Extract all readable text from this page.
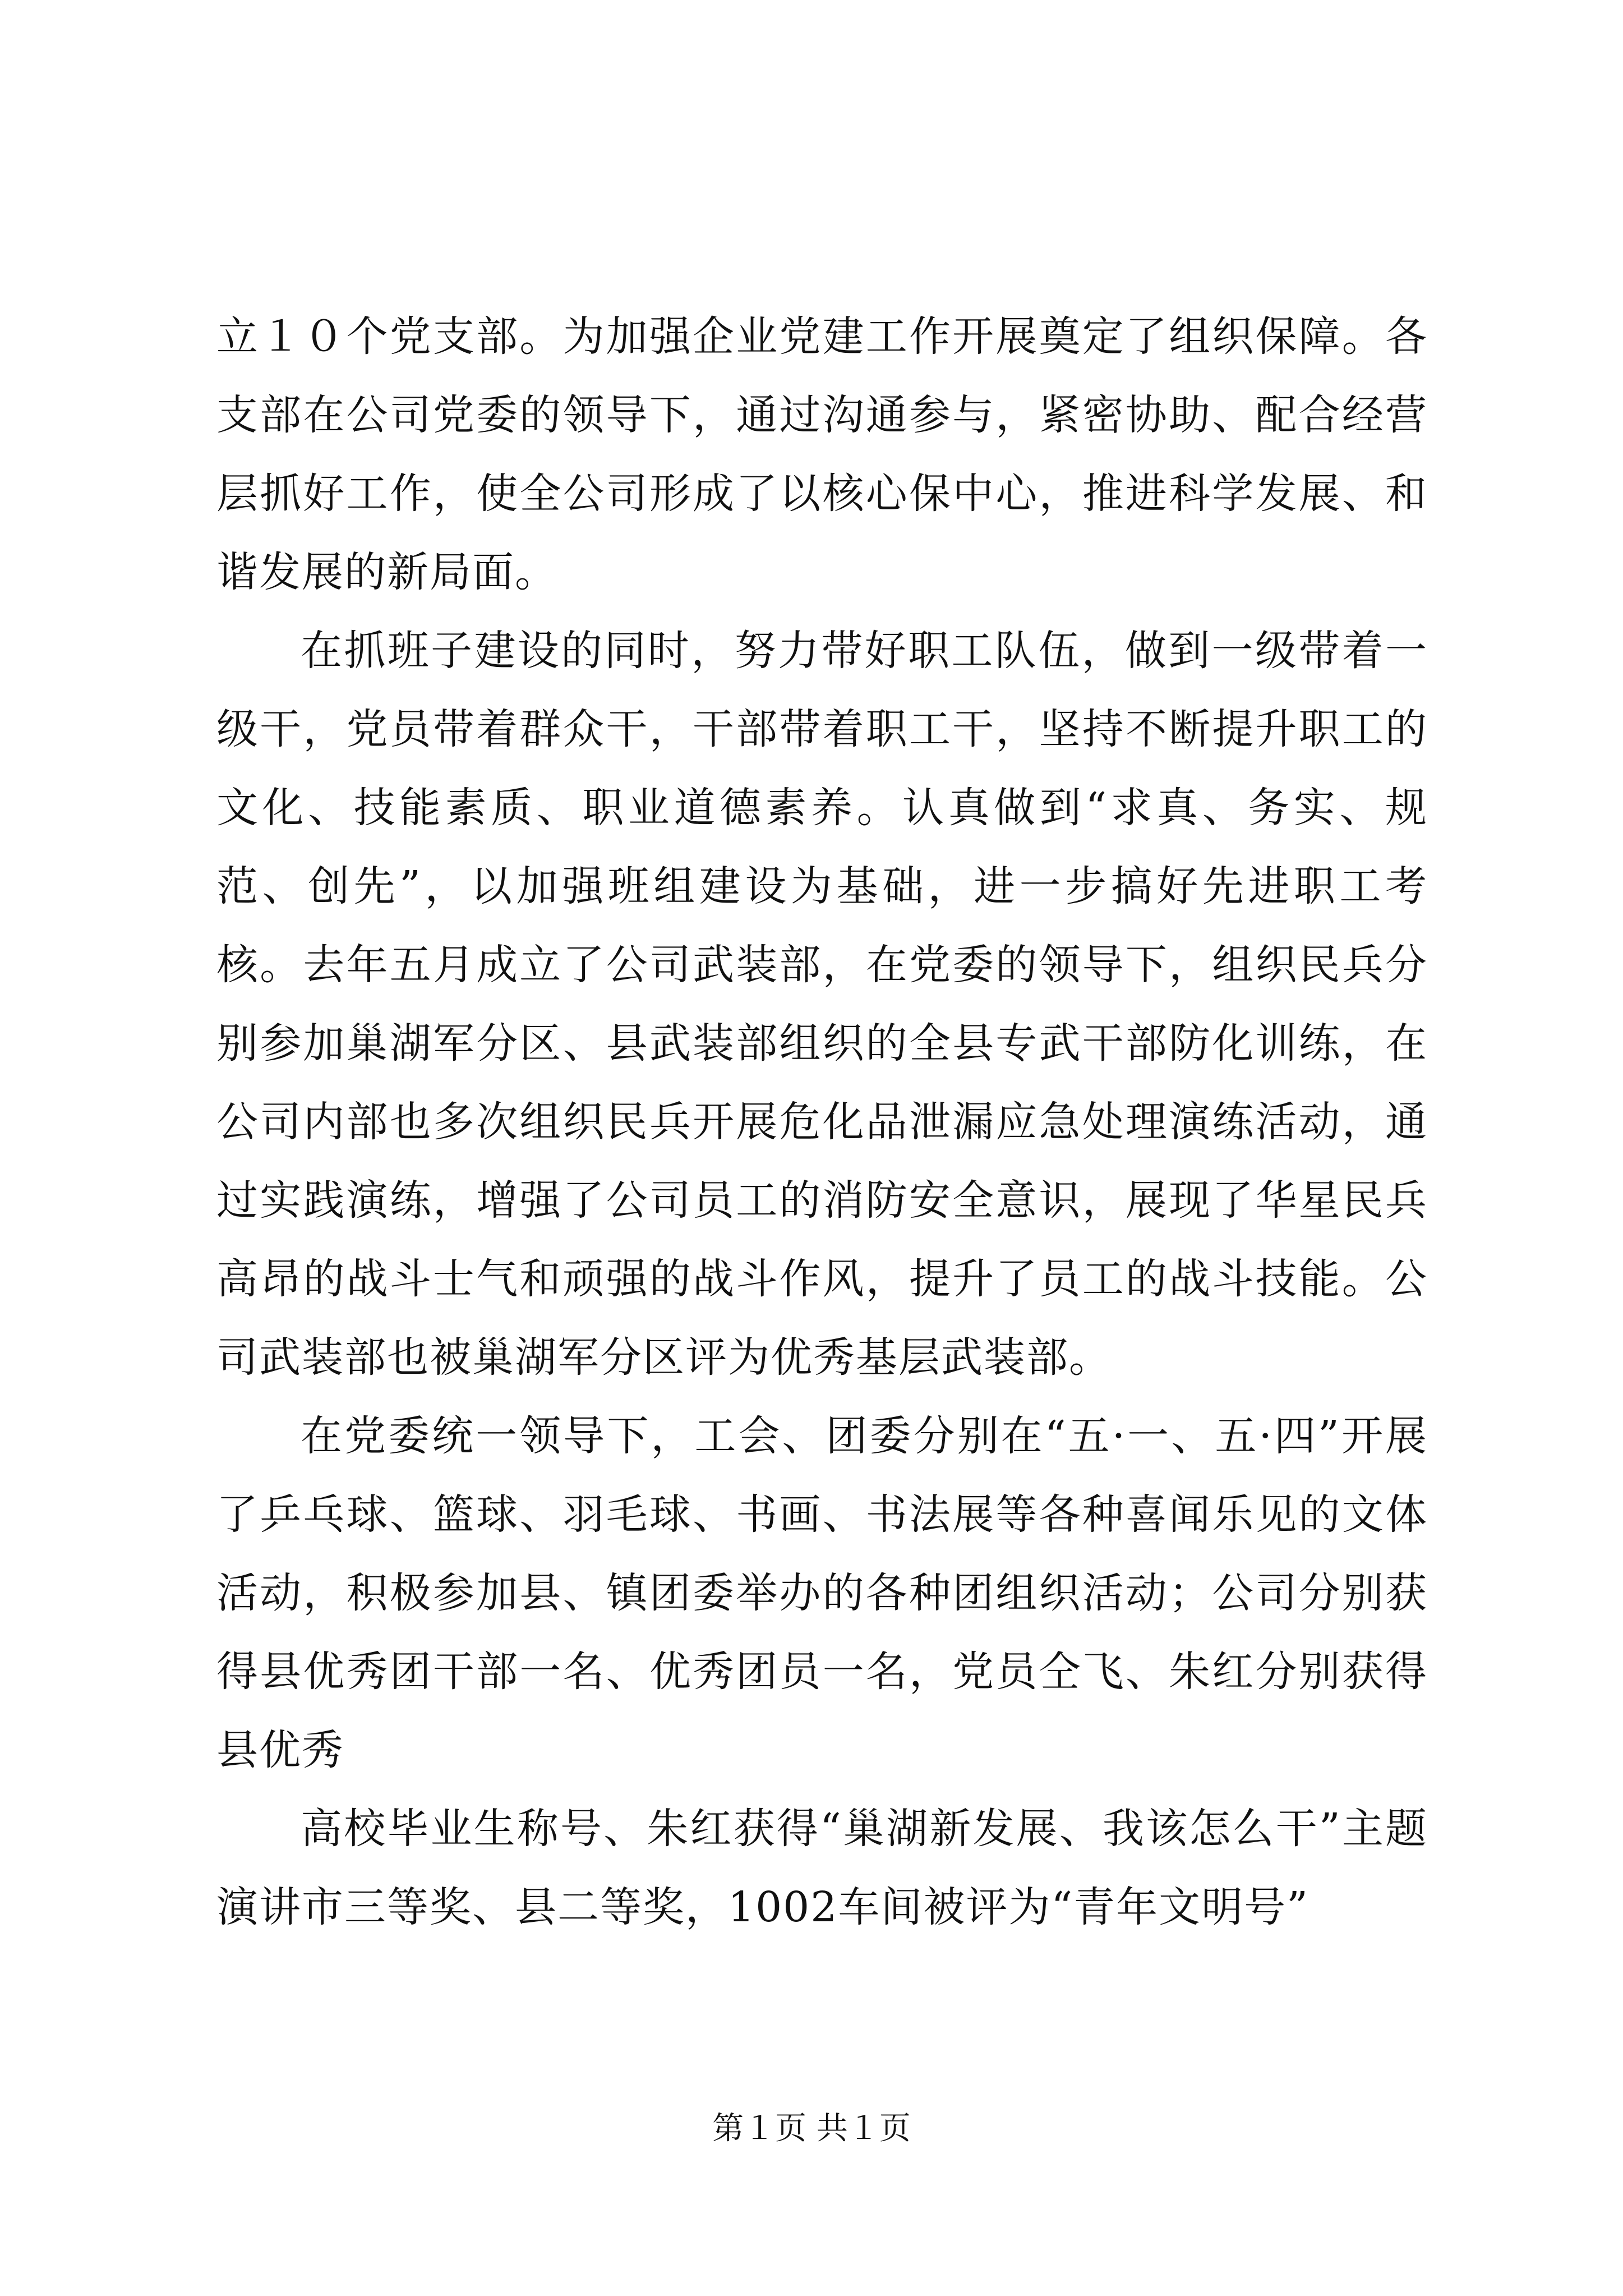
立１０个党支部。为加强企业党建工作开展奠定了组织保障。各支部在公司党委的领导下，通过沟通参与，紧密协助、配合经营层抓好工作，使全公司形成了以核心保中心，推进科学发展、和谐发展的新局面。

在抓班子建设的同时，努力带好职工队伍，做到一级带着一级干，党员带着群众干，干部带着职工干，坚持不断提升职工的文化、技能素质、职业道德素养。认真做到“求真、务实、规范、创先”，以加强班组建设为基础，进一步搞好先进职工考核。去年五月成立了公司武装部，在党委的领导下，组织民兵分别参加巢湖军分区、县武装部组织的全县专武干部防化训练，在公司内部也多次组织民兵开展危化品泄漏应急处理演练活动，通过实践演练，增强了公司员工的消防安全意识，展现了华星民兵高昂的战斗士气和顽强的战斗作风，提升了员工的战斗技能。公司武装部也被巢湖军分区评为优秀基层武装部。

在党委统一领导下，工会、团委分别在“五·一、五·四”开展了乒乓球、篮球、羽毛球、书画、书法展等各种喜闻乐见的文体活动，积极参加县、镇团委举办的各种团组织活动；公司分别获得县优秀团干部一名、优秀团员一名，党员仝飞、朱红分别获得县优秀

高校毕业生称号、朱红获得“巢湖新发展、我该怎么干”主题演讲市三等奖、县二等奖，1002车间被评为“青年文明号”

第１页 共１页
